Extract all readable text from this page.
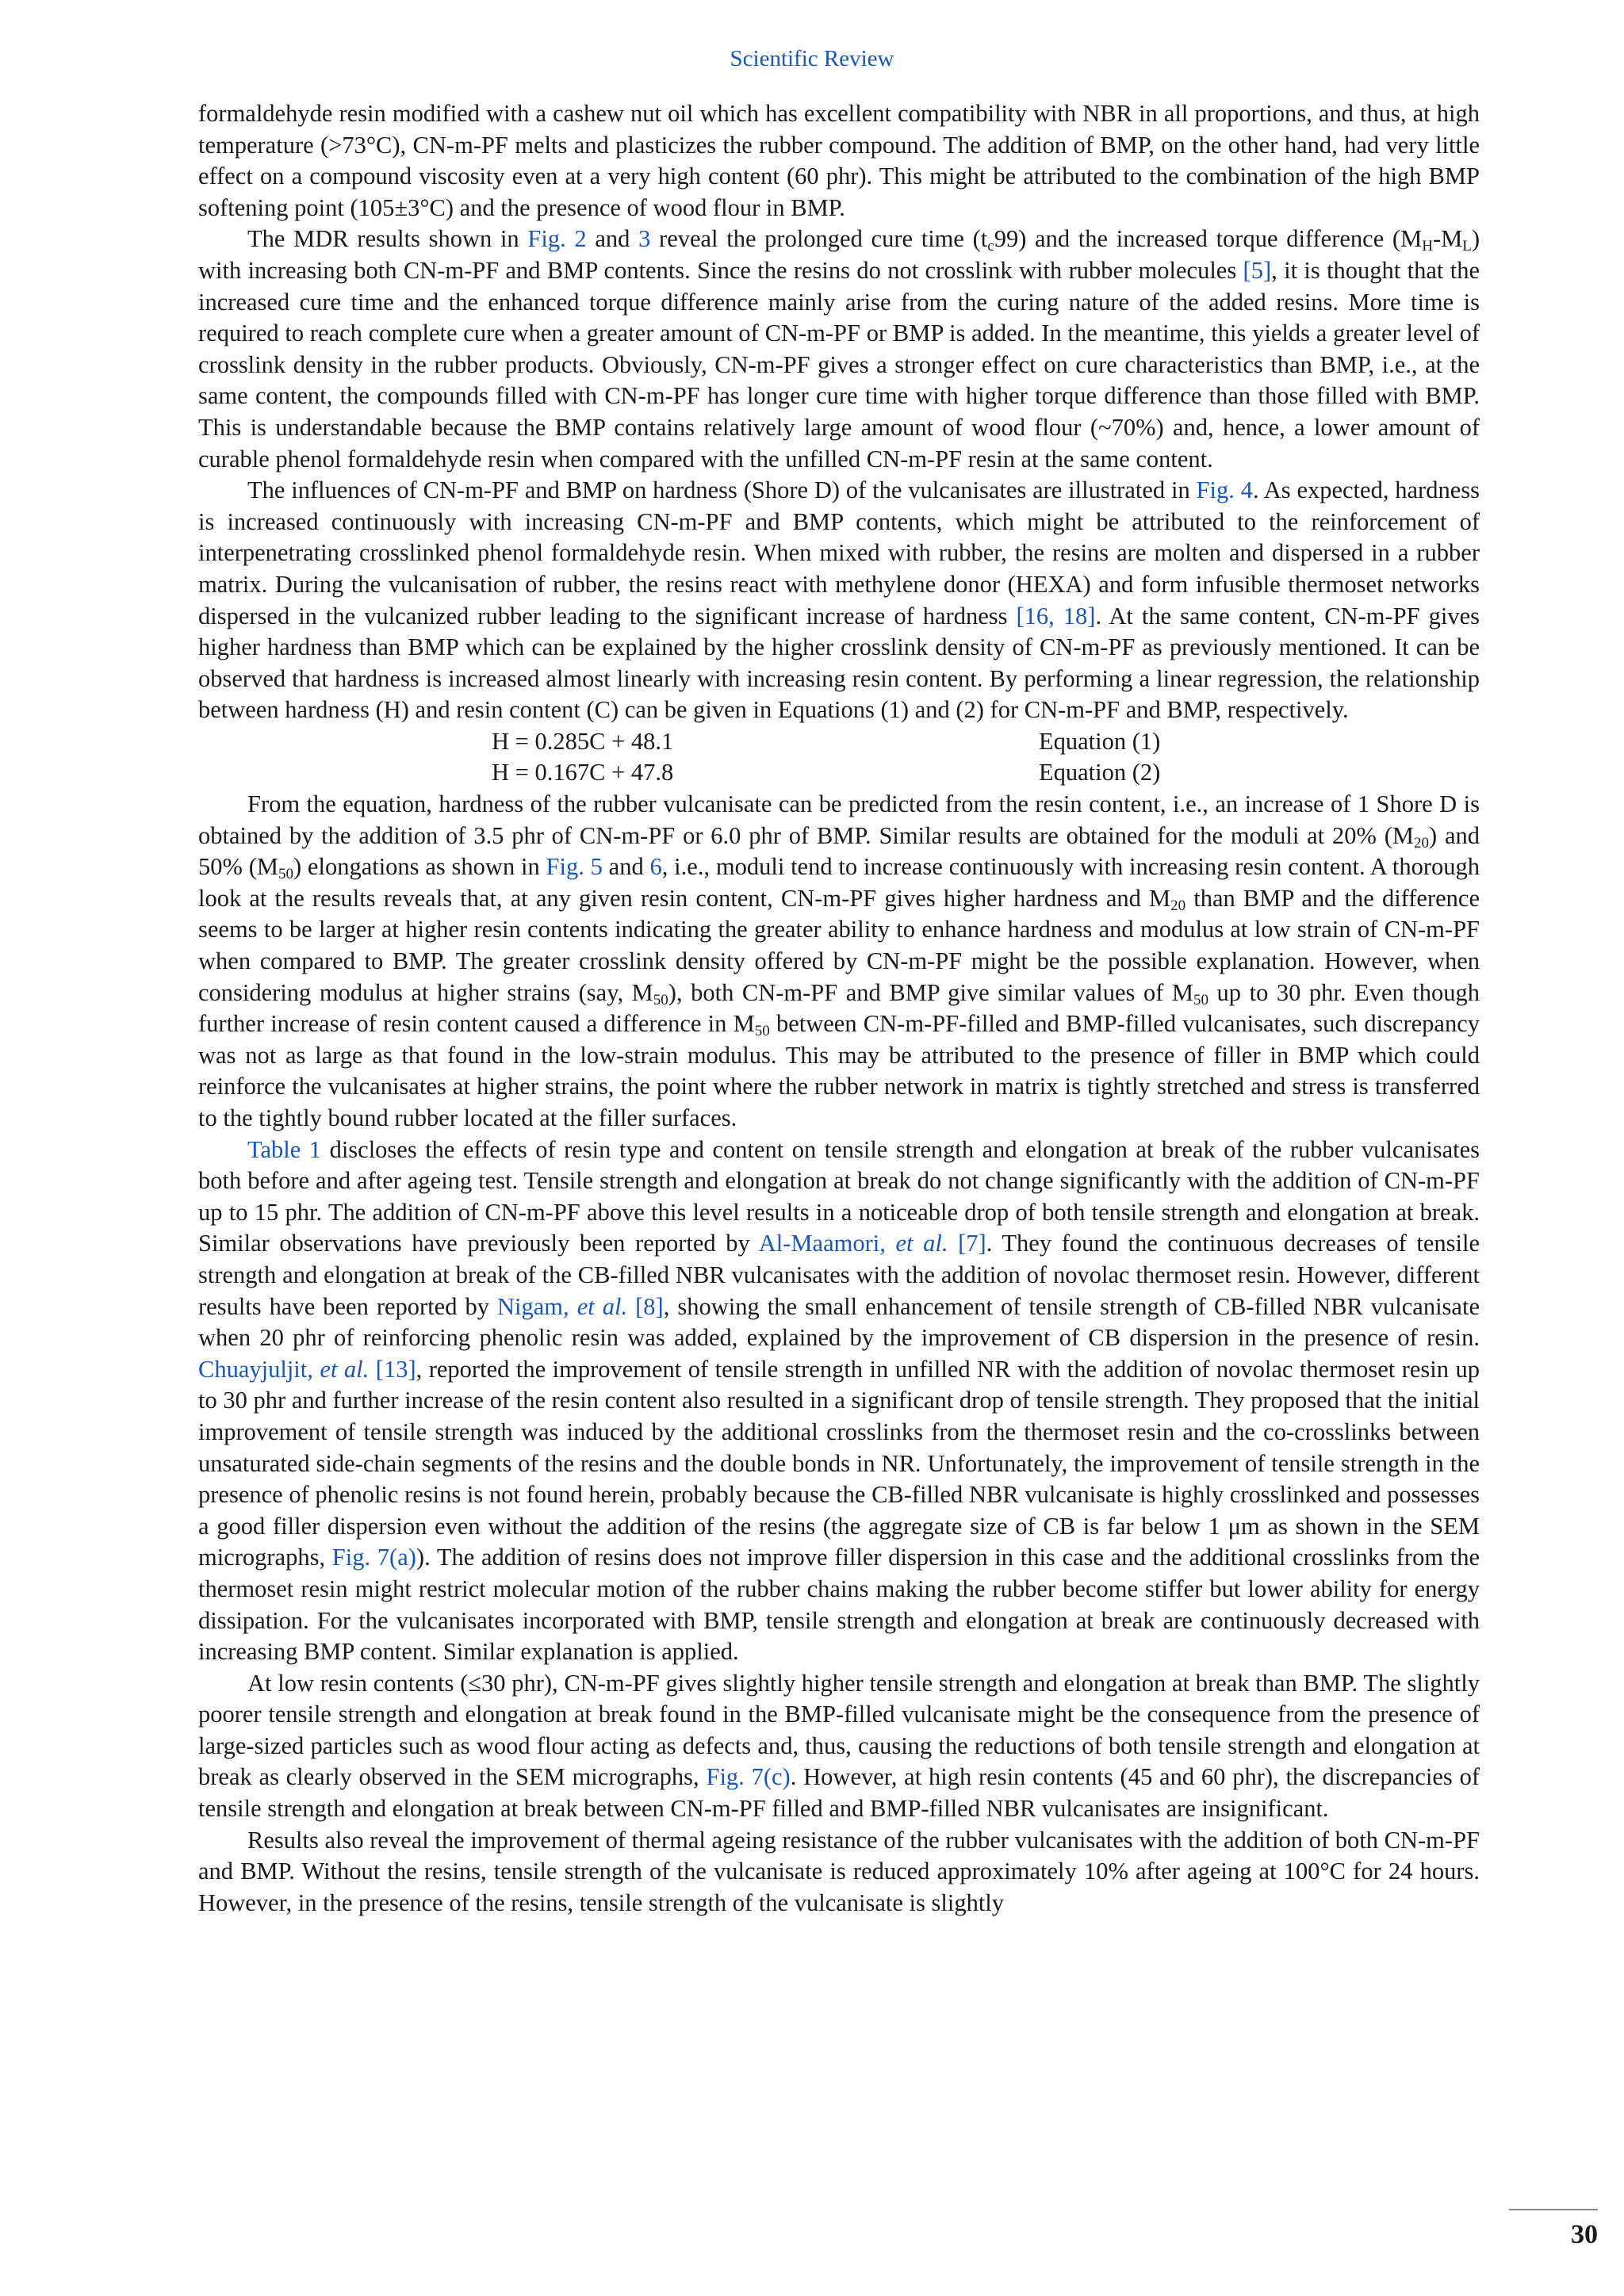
Scientific Review

formaldehyde resin modified with a cashew nut oil which has excellent compatibility with NBR in all proportions, and thus, at high temperature (>73°C), CN-m-PF melts and plasticizes the rubber compound. The addition of BMP, on the other hand, had very little effect on a compound viscosity even at a very high content (60 phr). This might be attributed to the combination of the high BMP softening point (105±3°C) and the presence of wood flour in BMP.

The MDR results shown in Fig. 2 and 3 reveal the prolonged cure time $(t_c99)$ and the increased torque difference $(M_H-M_L)$ with increasing both CN-m-PF and BMP contents. Since the resins do not crosslink with rubber molecules [5], it is thought that the increased cure time and the enhanced torque difference mainly arise from the curing nature of the added resins. More time is required to reach complete cure when a greater amount of CN-m-PF or BMP is added. In the meantime, this yields a greater level of crosslink density in the rubber products. Obviously, CN-m-PF gives a stronger effect on cure characteristics than BMP, i.e., at the same content, the compounds filled with CN-m-PF has longer cure time with higher torque difference than those filled with BMP. This is understandable because the BMP contains relatively large amount of wood flour (~70%) and, hence, a lower amount of curable phenol formaldehyde resin when compared with the unfilled CN-m-PF resin at the same content.

The influences of CN-m-PF and BMP on hardness (Shore D) of the vulcanisates are illustrated in Fig. 4. As expected, hardness is increased continuously with increasing CN-m-PF and BMP contents, which might be attributed to the reinforcement of interpenetrating crosslinked phenol formaldehyde resin. When mixed with rubber, the resins are molten and dispersed in a rubber matrix. During the vulcanisation of rubber, the resins react with methylene donor (HEXA) and form infusible thermoset networks dispersed in the vulcanized rubber leading to the significant increase of hardness [16, 18]. At the same content, CN-m-PF gives higher hardness than BMP which can be explained by the higher crosslink density of CN-m-PF as previously mentioned. It can be observed that hardness is increased almost linearly with increasing resin content. By performing a linear regression, the relationship between hardness (H) and resin content (C) can be given in Equations (1) and (2) for CN-m-PF and BMP, respectively.

H = 0.285C + 48.1	Equation (1)
H = 0.167C + 47.8	Equation (2)

From the equation, hardness of the rubber vulcanisate can be predicted from the resin content, i.e., an increase of 1 Shore D is obtained by the addition of 3.5 phr of CN-m-PF or 6.0 phr of BMP. Similar results are obtained for the moduli at 20% $(M_{20})$ and 50% $(M_{50})$ elongations as shown in Fig. 5 and 6, i.e., moduli tend to increase continuously with increasing resin content. A thorough look at the results reveals that, at any given resin content, CN-m-PF gives higher hardness and $M_{20}$ than BMP and the difference seems to be larger at higher resin contents indicating the greater ability to enhance hardness and modulus at low strain of CN-m-PF when compared to BMP. The greater crosslink density offered by CN-m-PF might be the possible explanation. However, when considering modulus at higher strains (say, $M_{50}$), both CN-m-PF and BMP give similar values of $M_{50}$ up to 30 phr. Even though further increase of resin content caused a difference in $M_{50}$ between CN-m-PF-filled and BMP-filled vulcanisates, such discrepancy was not as large as that found in the low-strain modulus. This may be attributed to the presence of filler in BMP which could reinforce the vulcanisates at higher strains, the point where the rubber network in matrix is tightly stretched and stress is transferred to the tightly bound rubber located at the filler surfaces.

Table 1 discloses the effects of resin type and content on tensile strength and elongation at break of the rubber vulcanisates both before and after ageing test. Tensile strength and elongation at break do not change significantly with the addition of CN-m-PF up to 15 phr. The addition of CN-m-PF above this level results in a noticeable drop of both tensile strength and elongation at break. Similar observations have previously been reported by Al-Maamori, et al. [7]. They found the continuous decreases of tensile strength and elongation at break of the CB-filled NBR vulcanisates with the addition of novolac thermoset resin. However, different results have been reported by Nigam, et al. [8], showing the small enhancement of tensile strength of CB-filled NBR vulcanisate when 20 phr of reinforcing phenolic resin was added, explained by the improvement of CB dispersion in the presence of resin. Chuayjuljit, et al. [13], reported the improvement of tensile strength in unfilled NR with the addition of novolac thermoset resin up to 30 phr and further increase of the resin content also resulted in a significant drop of tensile strength. They proposed that the initial improvement of tensile strength was induced by the additional crosslinks from the thermoset resin and the co-crosslinks between unsaturated side-chain segments of the resins and the double bonds in NR. Unfortunately, the improvement of tensile strength in the presence of phenolic resins is not found herein, probably because the CB-filled NBR vulcanisate is highly crosslinked and possesses a good filler dispersion even without the addition of the resins (the aggregate size of CB is far below 1 μm as shown in the SEM micrographs, Fig. 7(a)). The addition of resins does not improve filler dispersion in this case and the additional crosslinks from the thermoset resin might restrict molecular motion of the rubber chains making the rubber become stiffer but lower ability for energy dissipation. For the vulcanisates incorporated with BMP, tensile strength and elongation at break are continuously decreased with increasing BMP content. Similar explanation is applied.

At low resin contents (≤30 phr), CN-m-PF gives slightly higher tensile strength and elongation at break than BMP. The slightly poorer tensile strength and elongation at break found in the BMP-filled vulcanisate might be the consequence from the presence of large-sized particles such as wood flour acting as defects and, thus, causing the reductions of both tensile strength and elongation at break as clearly observed in the SEM micrographs, Fig. 7(c). However, at high resin contents (45 and 60 phr), the discrepancies of tensile strength and elongation at break between CN-m-PF filled and BMP-filled NBR vulcanisates are insignificant.

Results also reveal the improvement of thermal ageing resistance of the rubber vulcanisates with the addition of both CN-m-PF and BMP. Without the resins, tensile strength of the vulcanisate is reduced approximately 10% after ageing at 100°C for 24 hours. However, in the presence of the resins, tensile strength of the vulcanisate is slightly

30
